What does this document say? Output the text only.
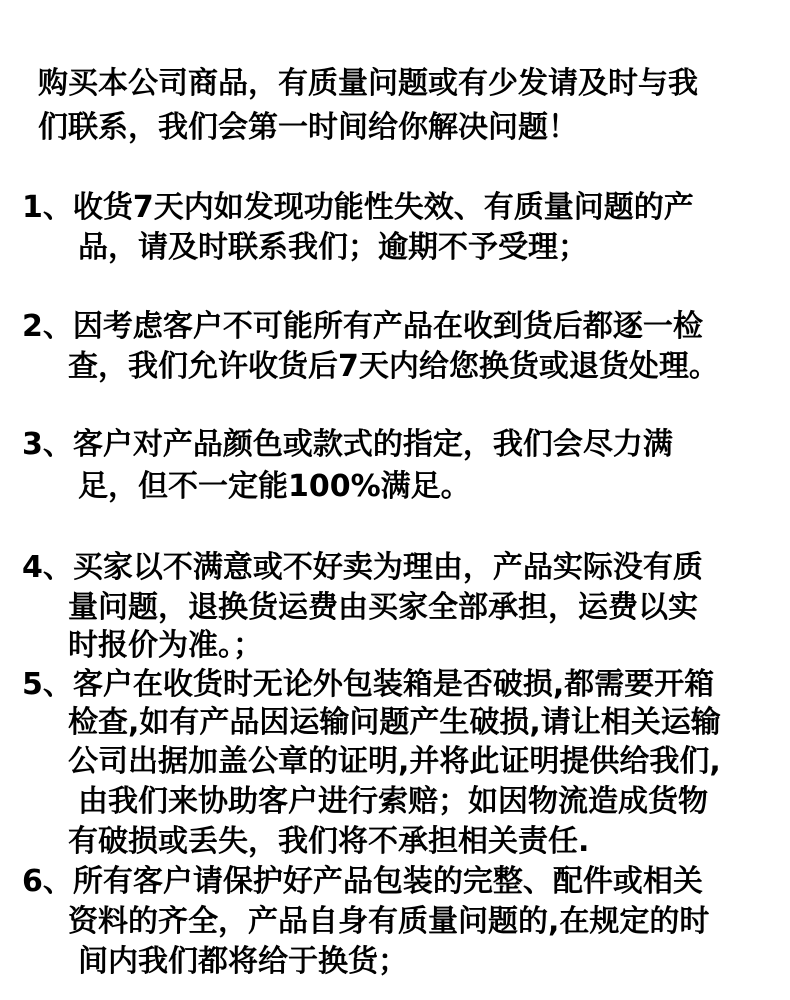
购买本公司商品，有质量问题或有少发请及时与我
们联系，我们会第一时间给你解决问题！
1、收货7天内如发现功能性失效、有质量问题的产
品，请及时联系我们；逾期不予受理；
2、因考虑客户不可能所有产品在收到货后都逐一检
查，我们允许收货后7天内给您换货或退货处理。
3、客户对产品颜色或款式的指定，我们会尽力满
足，但不一定能100%满足。
4、买家以不满意或不好卖为理由，产品实际没有质
量问题，退换货运费由买家全部承担，运费以实
时报价为准。；
5、客户在收货时无论外包装箱是否破损,都需要开箱
检查,如有产品因运输问题产生破损,请让相关运输
公司出据加盖公章的证明,并将此证明提供给我们,
由我们来协助客户进行索赔；如因物流造成货物
有破损或丢失，我们将不承担相关责任.
6、所有客户请保护好产品包装的完整、配件或相关
资料的齐全，产品自身有质量问题的,在规定的时
间内我们都将给于换货；
